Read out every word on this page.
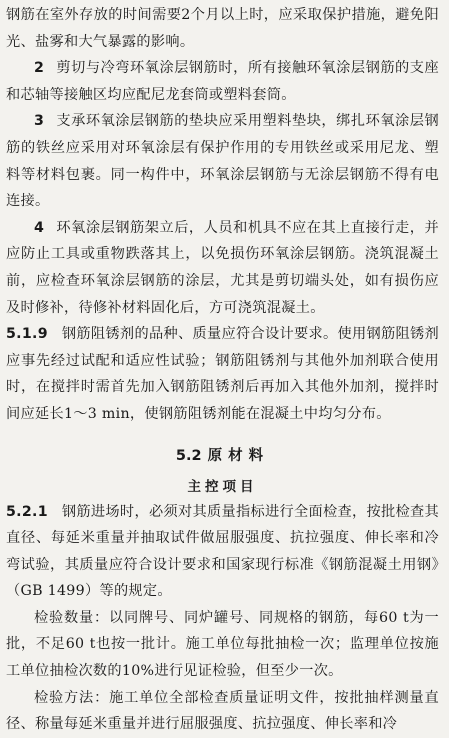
钢筋在室外存放的时间需要2个月以上时，应采取保护措施，避免阳光、盐雾和大气暴露的影响。

2 剪切与冷弯环氧涂层钢筋时，所有接触环氧涂层钢筋的支座和芯轴等接触区均应配尼龙套筒或塑料套筒。

3 支承环氧涂层钢筋的垫块应采用塑料垫块，绑扎环氧涂层钢筋的铁丝应采用对环氧涂层有保护作用的专用铁丝或采用尼龙、塑料等材料包裹。同一构件中，环氧涂层钢筋与无涂层钢筋不得有电连接。

4 环氧涂层钢筋架立后，人员和机具不应在其上直接行走，并应防止工具或重物跌落其上，以免损伤环氧涂层钢筋。浇筑混凝土前，应检查环氧涂层钢筋的涂层，尤其是剪切端头处，如有损伤应及时修补，待修补材料固化后，方可浇筑混凝土。

5.1.9 钢筋阻锈剂的品种、质量应符合设计要求。使用钢筋阻锈剂应事先经过试配和适应性试验；钢筋阻锈剂与其他外加剂联合使用时，在搅拌时需首先加入钢筋阻锈剂后再加入其他外加剂，搅拌时间应延长1～3 min，使钢筋阻锈剂能在混凝土中均匀分布。

5.2 原材料
主控项目

5.2.1 钢筋进场时，必须对其质量指标进行全面检查，按批检查其直径、每延米重量并抽取试件做屈服强度、抗拉强度、伸长率和冷弯试验，其质量应符合设计要求和国家现行标准《钢筋混凝土用钢》（GB 1499）等的规定。

检验数量：以同牌号、同炉罐号、同规格的钢筋，每60 t为一批，不足60 t也按一批计。施工单位每批抽检一次；监理单位按施工单位抽检次数的10%进行见证检验，但至少一次。

检验方法：施工单位全部检查质量证明文件，按批抽样测量直径、称量每延米重量并进行屈服强度、抗拉强度、伸长率和冷
